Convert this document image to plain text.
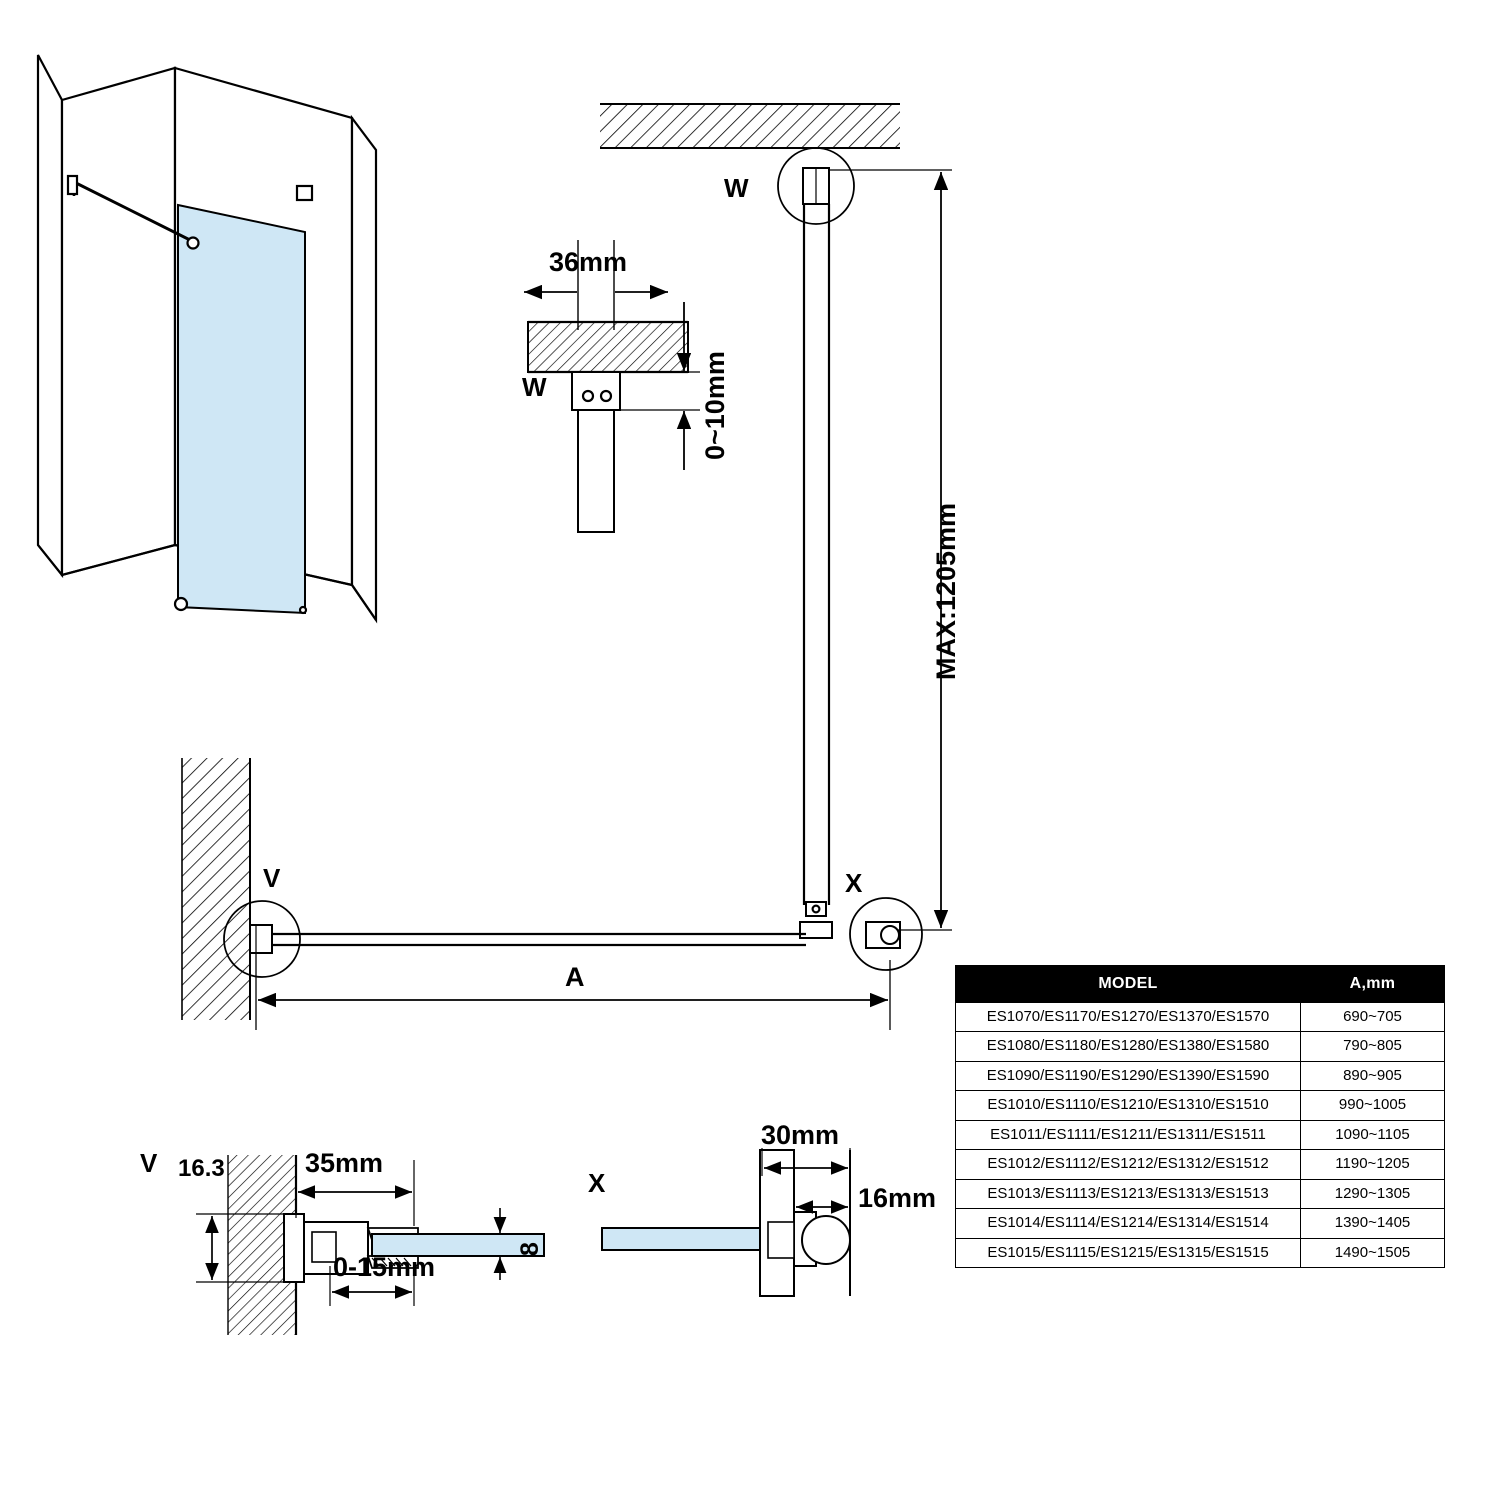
W
W
36mm
0~10mm
MAX:1205mm
X
V
A
V 16.3	35mm
0-15mm
8
X
30mm
16mm
MODEL	A,mm
ES1070/ES1170/ES1270/ES1370/ES1570	690~705
ES1080/ES1180/ES1280/ES1380/ES1580	790~805
ES1090/ES1190/ES1290/ES1390/ES1590	890~905
ES1010/ES1110/ES1210/ES1310/ES1510	990~1005
ES1011/ES1111/ES1211/ES1311/ES1511	1090~1105
ES1012/ES1112/ES1212/ES1312/ES1512	1190~1205
ES1013/ES1113/ES1213/ES1313/ES1513	1290~1305
ES1014/ES1114/ES1214/ES1314/ES1514	1390~1405
ES1015/ES1115/ES1215/ES1315/ES1515	1490~1505
